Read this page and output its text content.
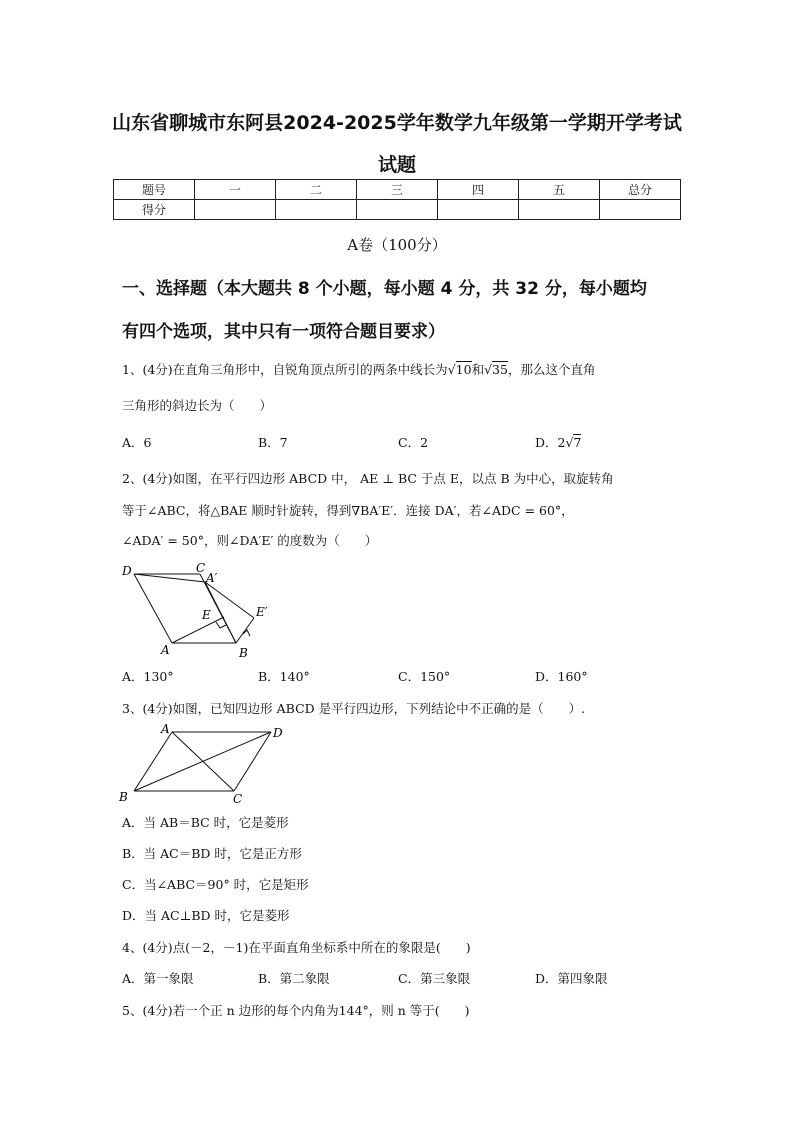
山东省聊城市东阿县2024-2025学年数学九年级第一学期开学考试
试题
题号	一	二	三	四	五	总分
得分						
A卷（100分）
一、选择题（本大题共 8 个小题，每小题 4 分，共 32 分，每小题均
有四个选项，其中只有一项符合题目要求）
1、(4分)在直角三角形中，自锐角顶点所引的两条中线长为√10和√35，那么这个直角
三角形的斜边长为（　　）
A．6	B．7	C．2	D．2√7
2、(4分)如图，在平行四边形 ABCD 中， AE ⊥ BC 于点 E，以点 B 为中心，取旋转角
等于∠ABC，将△BAE 顺时针旋转，得到∇BA′E′．连接 DA′，若∠ADC = 60°，
∠ADA′ = 50°，则∠DA′E′ 的度数为（　　）
D	C
A′
E	E′
A	B
A．130°	B．140°	C．150°	D．160°
3、(4分)如图，已知四边形 ABCD 是平行四边形，下列结论中不正确的是（　　）.
A	D
B	C
A．当 AB＝BC 时，它是菱形
B．当 AC＝BD 时，它是正方形
C．当∠ABC＝90° 时，它是矩形
D．当 AC⊥BD 时，它是菱形
4、(4分)点(－2，－1)在平面直角坐标系中所在的象限是(　　)
A．第一象限	B．第二象限	C．第三象限	D．第四象限
5、(4分)若一个正 n 边形的每个内角为144°，则 n 等于(　　)
